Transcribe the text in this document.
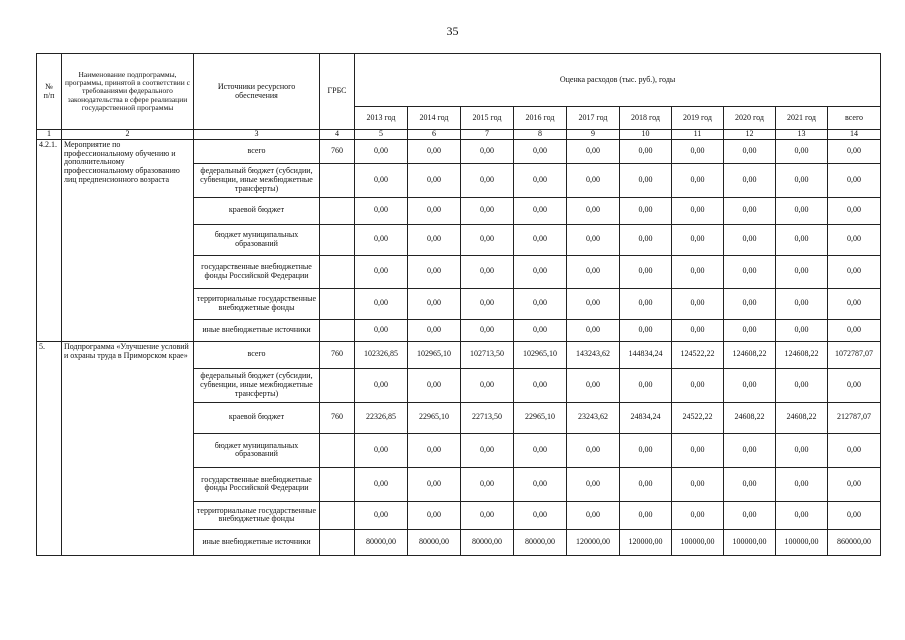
35
№
п/п	Наименование подпрограммы, программы, принятой в соответствии с требованиями федерального законодательства в сфере реализации государственной программы	Источники ресурсного обеспечения	ГРБС	Оценка расходов (тыс. руб.), годы									
				2013 год	2014 год	2015 год	2016 год	2017 год	2018 год	2019 год	2020 год	2021 год	всего
1	2	3	4	5	6	7	8	9	10	11	12	13	14
4.2.1.	Мероприятие по профессиональному обучению и дополнительному профессиональному образованию лиц предпенсионного возраста	всего	760	0,00	0,00	0,00	0,00	0,00	0,00	0,00	0,00	0,00	0,00
		федеральный бюджет (субсидии, субвенции, иные межбюджетные трансферты)		0,00	0,00	0,00	0,00	0,00	0,00	0,00	0,00	0,00	0,00
		краевой бюджет		0,00	0,00	0,00	0,00	0,00	0,00	0,00	0,00	0,00	0,00
		бюджет муниципальных образований		0,00	0,00	0,00	0,00	0,00	0,00	0,00	0,00	0,00	0,00
		государственные внебюджетные фонды Российской Федерации		0,00	0,00	0,00	0,00	0,00	0,00	0,00	0,00	0,00	0,00
		территориальные государственные внебюджетные фонды		0,00	0,00	0,00	0,00	0,00	0,00	0,00	0,00	0,00	0,00
		иные внебюджетные источники		0,00	0,00	0,00	0,00	0,00	0,00	0,00	0,00	0,00	0,00
5.	Подпрограмма «Улучшение условий и охраны труда в Приморском крае»	всего	760	102326,85	102965,10	102713,50	102965,10	143243,62	144834,24	124522,22	124608,22	124608,22	1072787,07
		федеральный бюджет (субсидии, субвенции, иные межбюджетные трансферты)		0,00	0,00	0,00	0,00	0,00	0,00	0,00	0,00	0,00	0,00
		краевой бюджет	760	22326,85	22965,10	22713,50	22965,10	23243,62	24834,24	24522,22	24608,22	24608,22	212787,07
		бюджет муниципальных образований		0,00	0,00	0,00	0,00	0,00	0,00	0,00	0,00	0,00	0,00
		государственные внебюджетные фонды Российской Федерации		0,00	0,00	0,00	0,00	0,00	0,00	0,00	0,00	0,00	0,00
		территориальные государственные внебюджетные фонды		0,00	0,00	0,00	0,00	0,00	0,00	0,00	0,00	0,00	0,00
		иные внебюджетные источники		80000,00	80000,00	80000,00	80000,00	120000,00	120000,00	100000,00	100000,00	100000,00	860000,00
